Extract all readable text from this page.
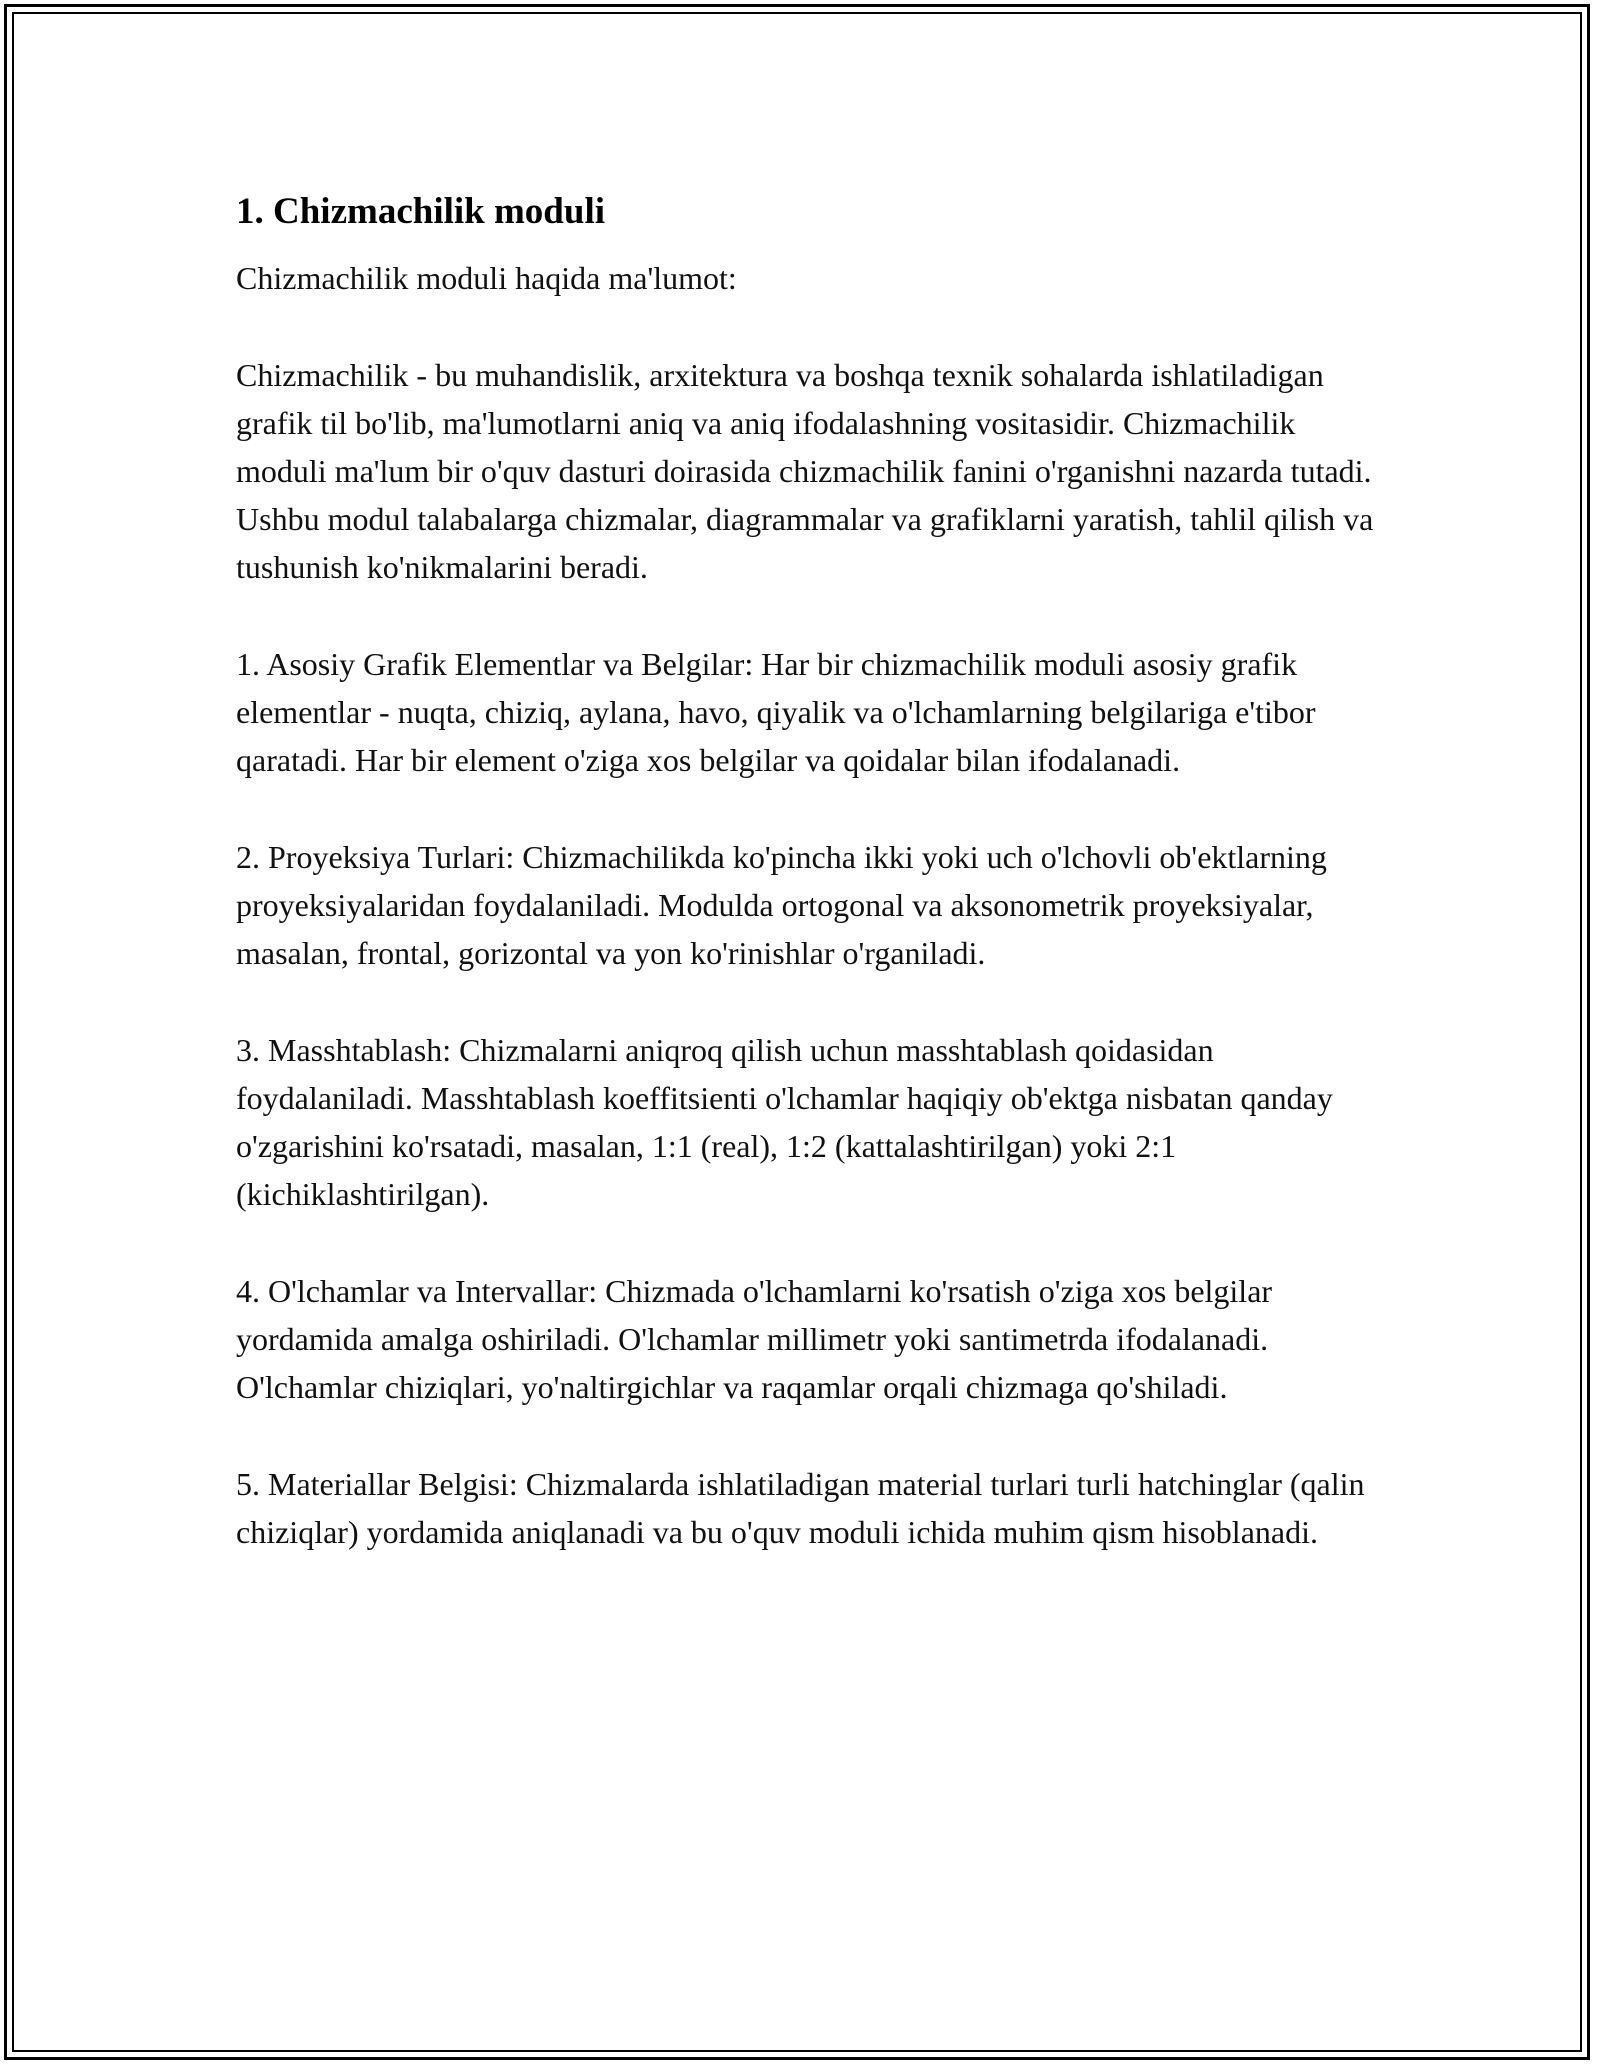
1. Chizmachilik moduli

Chizmachilik moduli haqida ma'lumot:

Chizmachilik - bu muhandislik, arxitektura va boshqa texnik sohalarda ishlatiladigan grafik til bo'lib, ma'lumotlarni aniq va aniq ifodalashning vositasidir. Chizmachilik moduli ma'lum bir o'quv dasturi doirasida chizmachilik fanini o'rganishni nazarda tutadi. Ushbu modul talabalarga chizmalar, diagrammalar va grafiklarni yaratish, tahlil qilish va tushunish ko'nikmalarini beradi.

1. Asosiy Grafik Elementlar va Belgilar: Har bir chizmachilik moduli asosiy grafik elementlar - nuqta, chiziq, aylana, havo, qiyalik va o'lchamlarning belgilariga e'tibor qaratadi. Har bir element o'ziga xos belgilar va qoidalar bilan ifodalanadi.

2. Proyeksiya Turlari: Chizmachilikda ko'pincha ikki yoki uch o'lchovli ob'ektlarning proyeksiyalaridan foydalaniladi. Modulda ortogonal va aksonometrik proyeksiyalar, masalan, frontal, gorizontal va yon ko'rinishlar o'rganiladi.

3. Masshtablash: Chizmalarni aniqroq qilish uchun masshtablash qoidasidan foydalaniladi. Masshtablash koeffitsienti o'lchamlar haqiqiy ob'ektga nisbatan qanday o'zgarishini ko'rsatadi, masalan, 1:1 (real), 1:2 (kattalashtirilgan) yoki 2:1 (kichiklashtirilgan).

4. O'lchamlar va Intervallar: Chizmada o'lchamlarni ko'rsatish o'ziga xos belgilar yordamida amalga oshiriladi. O'lchamlar millimetr yoki santimetrda ifodalanadi. O'lchamlar chiziqlari, yo'naltirgichlar va raqamlar orqali chizmaga qo'shiladi.

5. Materiallar Belgisi: Chizmalarda ishlatiladigan material turlari turli hatchinglar (qalin chiziqlar) yordamida aniqlanadi va bu o'quv moduli ichida muhim qism hisoblanadi.
